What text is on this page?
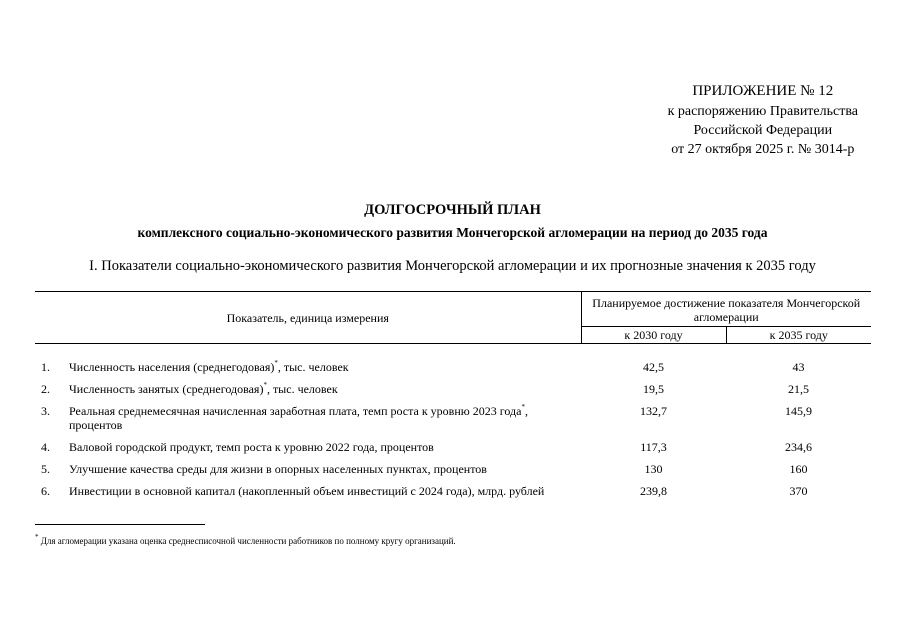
ПРИЛОЖЕНИЕ № 12
к распоряжению Правительства
Российской Федерации
от 27 октября 2025 г. № 3014-р
ДОЛГОСРОЧНЫЙ ПЛАН
комплексного социально-экономического развития Мончегорской агломерации на период до 2035 года
I. Показатели социально-экономического развития Мончегорской агломерации и их прогнозные значения к 2035 году
Показатель, единица измерения		Планируемое достижение показателя Мончегорской агломерации	
		к 2030 году	к 2035 году

1.	Численность населения (среднегодовая)*, тыс. человек	42,5	43
2.	Численность занятых (среднегодовая)*, тыс. человек	19,5	21,5
3.	Реальная среднемесячная начисленная заработная плата, темп роста к уровню 2023 года*, процентов	132,7	145,9
4.	Валовой городской продукт, темп роста к уровню 2022 года, процентов	117,3	234,6
5.	Улучшение качества среды для жизни в опорных населенных пунктах, процентов	130	160
6.	Инвестиции в основной капитал (накопленный объем инвестиций с 2024 года), млрд. рублей	239,8	370
* Для агломерации указана оценка среднесписочной численности работников по полному кругу организаций.
